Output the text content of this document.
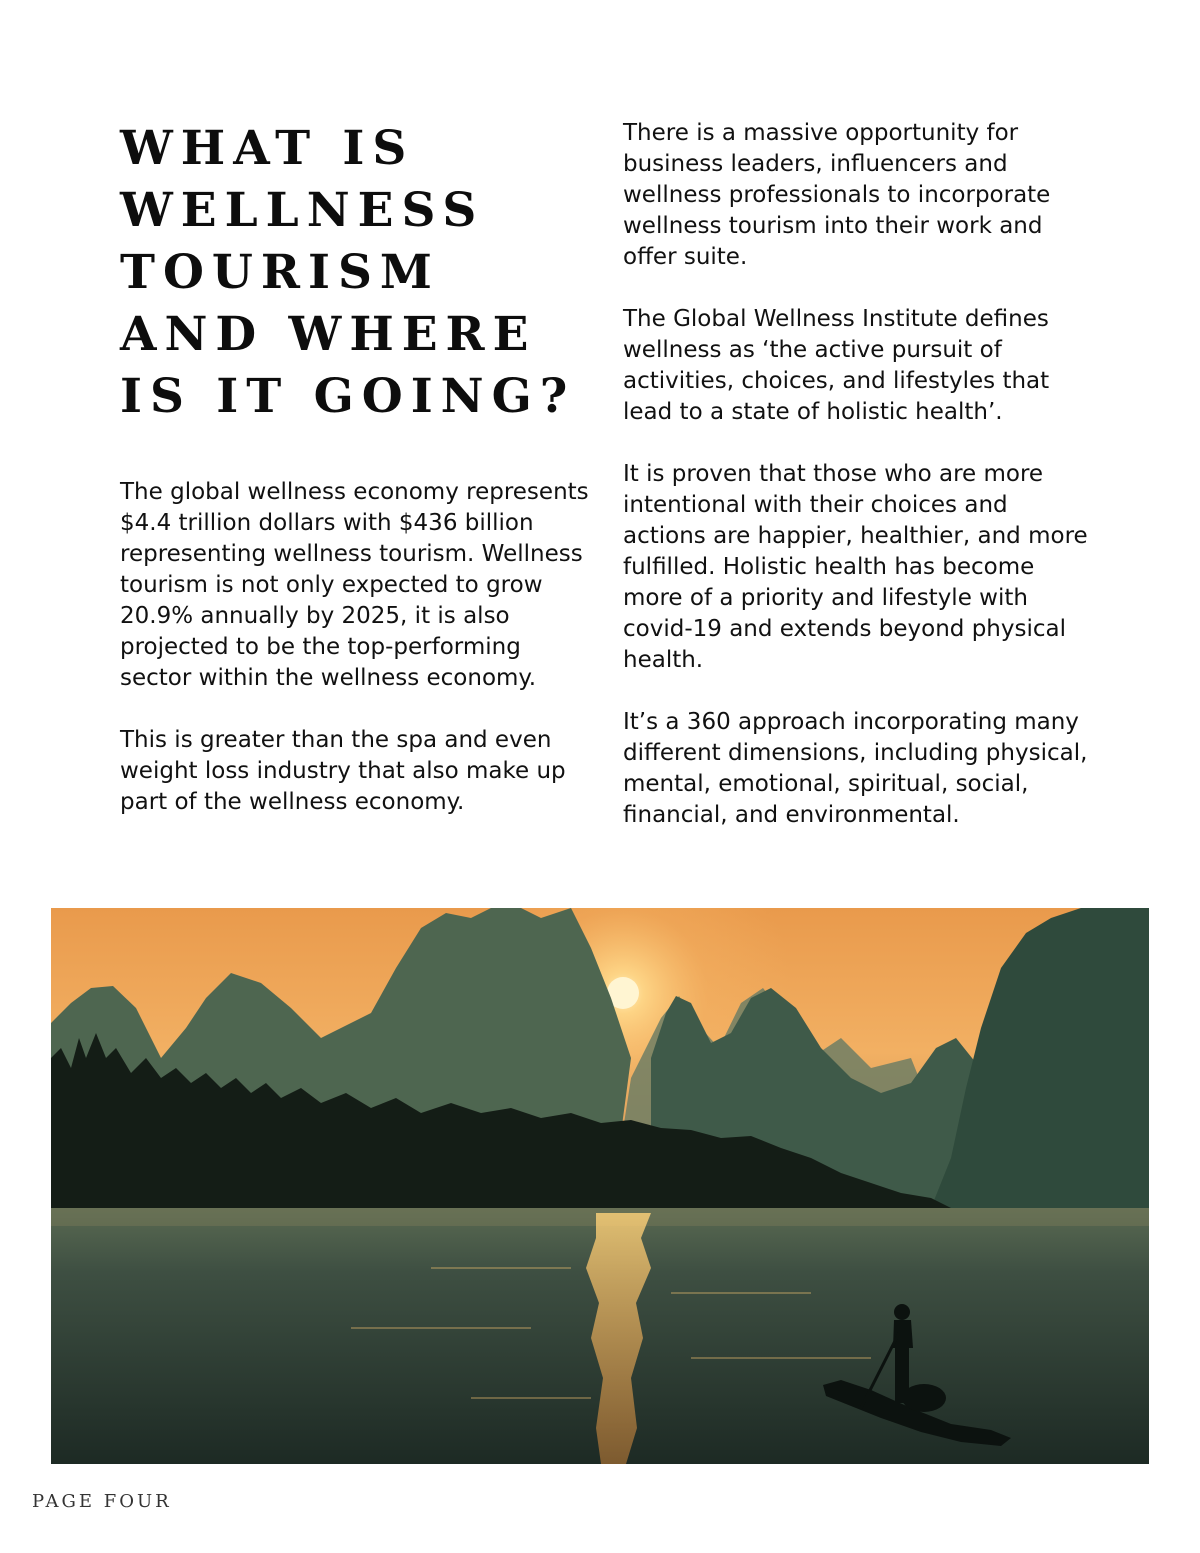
WHAT IS
WELLNESS
TOURISM
AND WHERE
IS IT GOING?

The global wellness economy represents $4.4 trillion dollars with $436 billion representing wellness tourism. Wellness tourism is not only expected to grow 20.9% annually by 2025, it is also projected to be the top-performing sector within the wellness economy.

This is greater than the spa and even weight loss industry that also make up part of the wellness economy.

There is a massive opportunity for business leaders, influencers and wellness professionals to incorporate wellness tourism into their work and offer suite.

The Global Wellness Institute defines wellness as ‘the active pursuit of activities, choices, and lifestyles that lead to a state of holistic health’.

It is proven that those who are more intentional with their choices and actions are happier, healthier, and more fulfilled. Holistic health has become more of a priority and lifestyle with covid-19 and extends beyond physical health.

It’s a 360 approach incorporating many different dimensions, including physical, mental, emotional, spiritual, social, financial, and environmental.

PAGE FOUR
